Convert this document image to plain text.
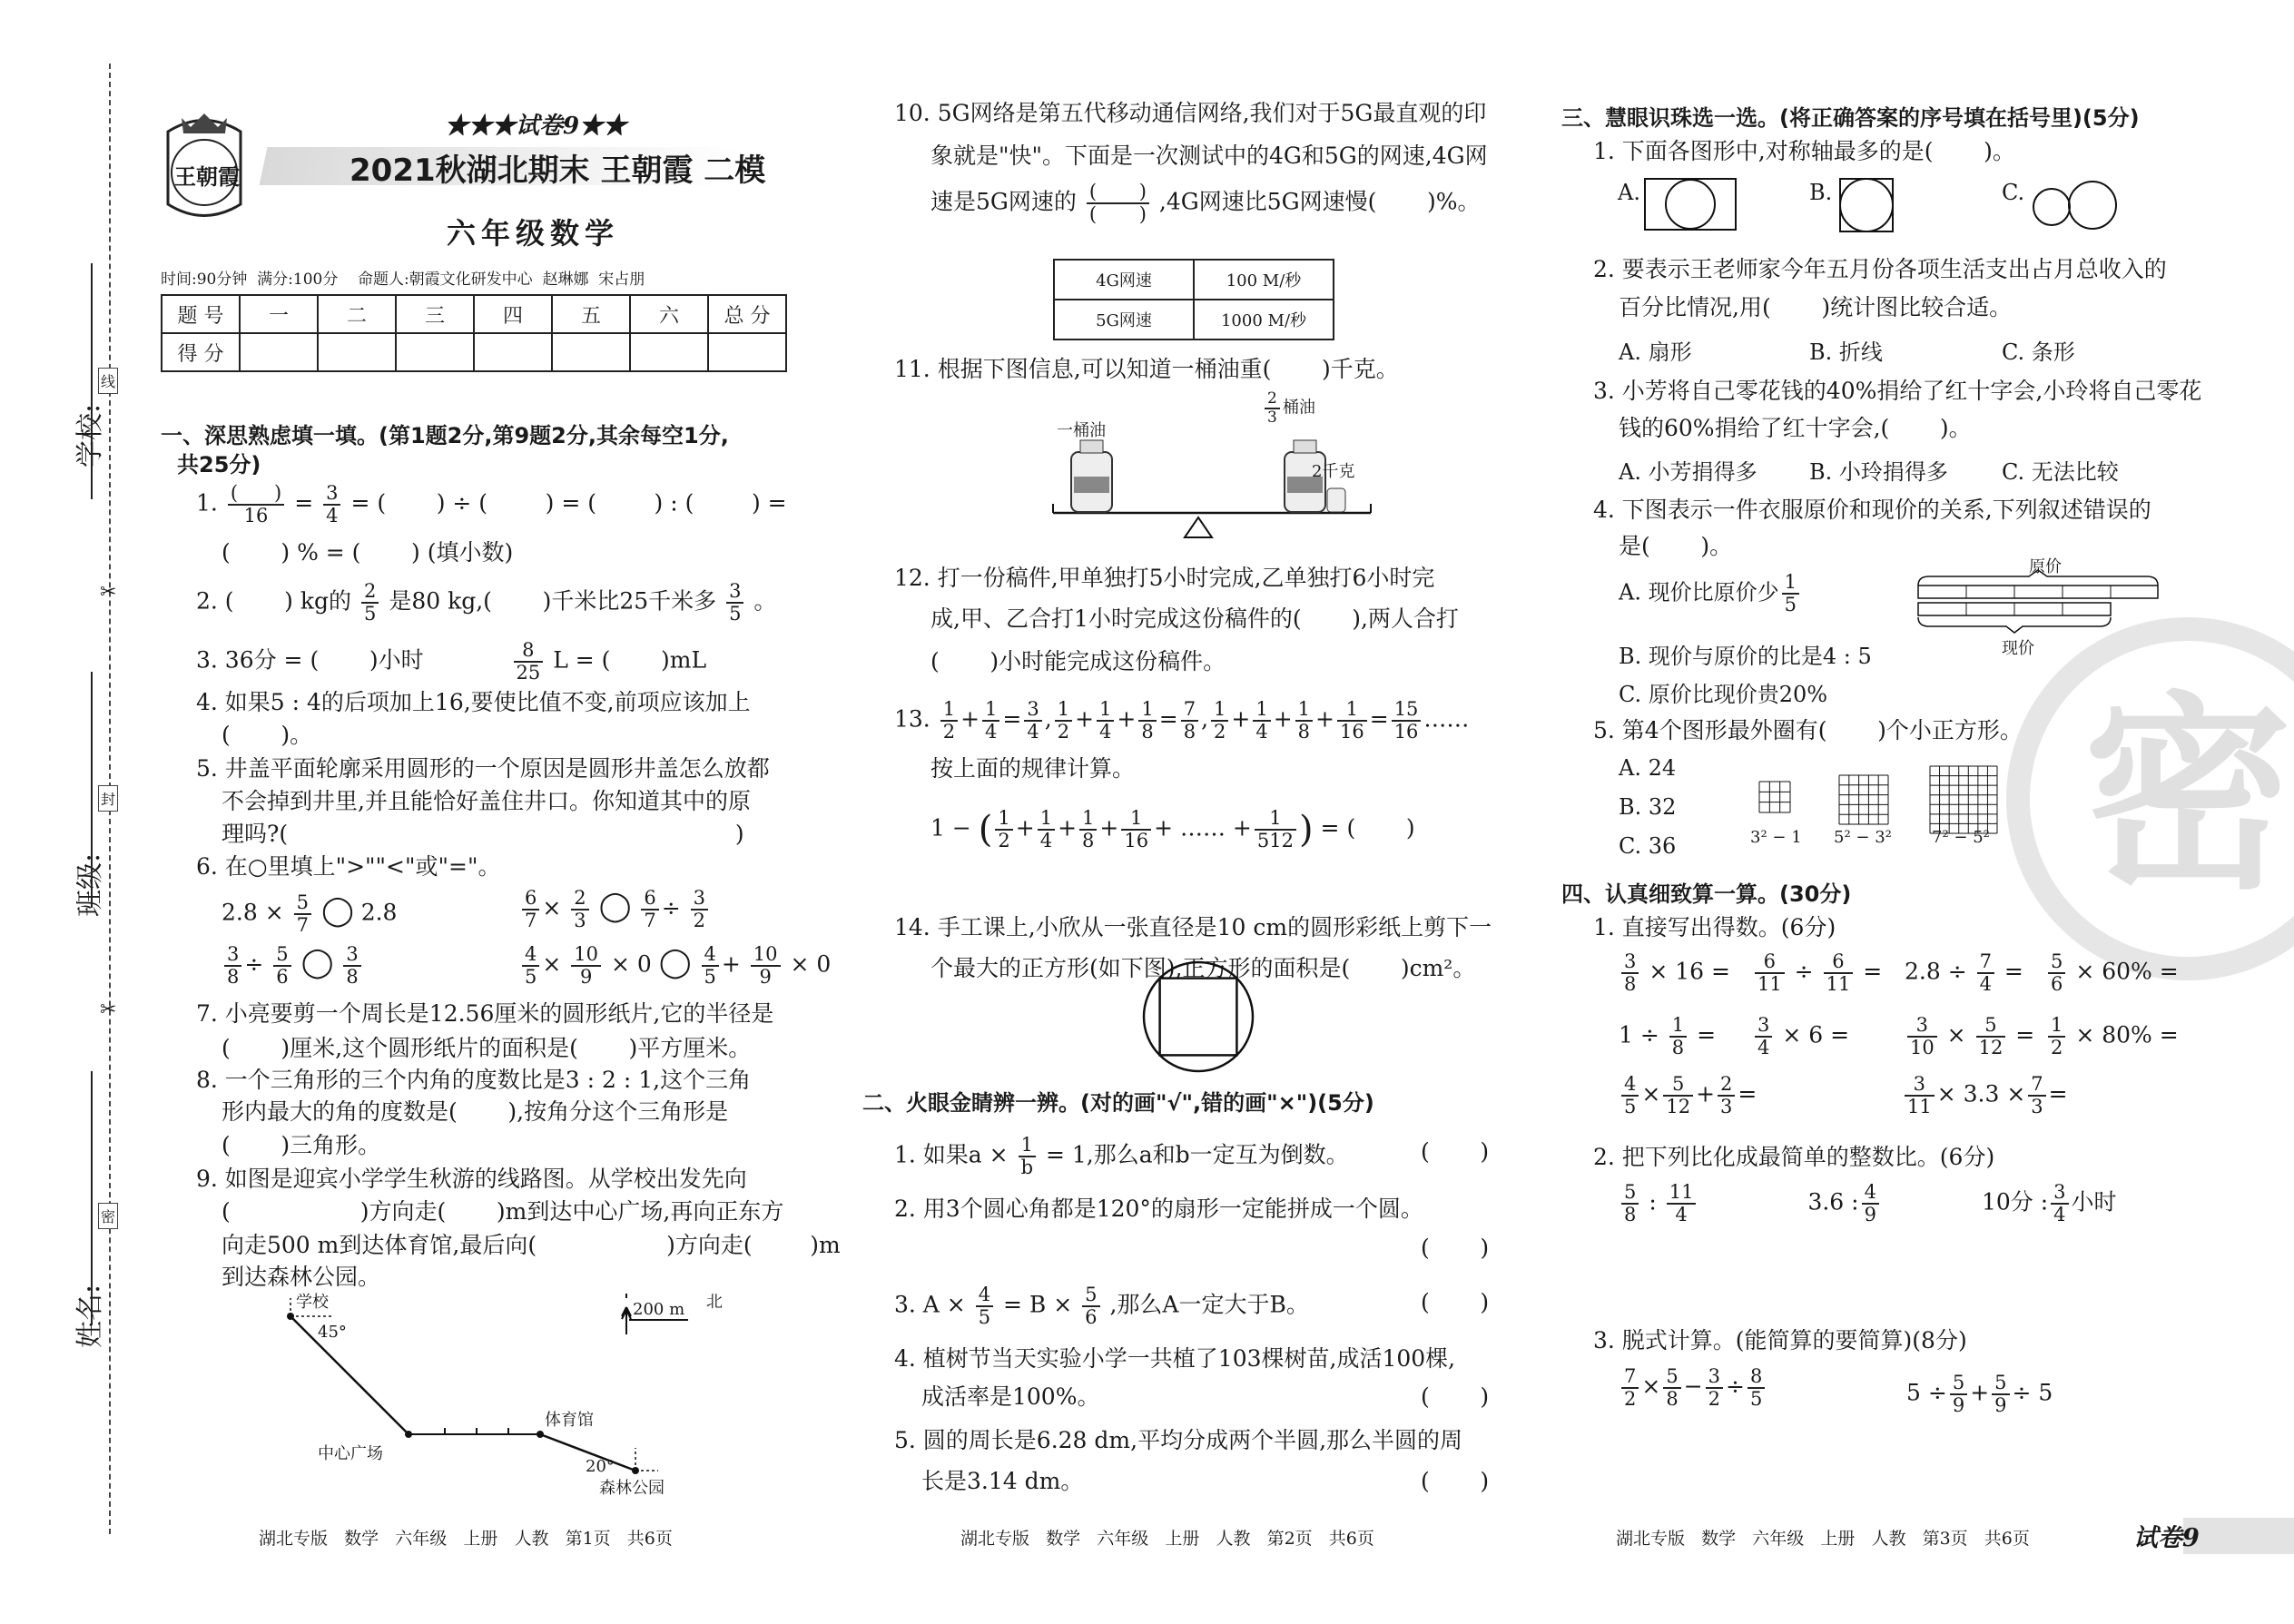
学校:
班级:
姓名:
线
封
密
✂
✂
王朝霞
★★★试卷9★★
2021秋湖北期末 王朝霞 二模
六年级数学
时间:90分钟  满分:100分    命题人:朝霞文化研发中心  赵琳娜  宋占朋
题 号	一	二	三	四	五	六	总 分
得 分							
一、深思熟虑填一填。(第1题2分,第9题2分,其余每空1分,
共25分)
1. $\frac{( )}{16} = \frac{3}{4}$ = (       ) ÷ (        ) = (        ) : (        ) =
(       ) % = (       ) (填小数)
2. (       ) kg的 $\frac{2}{5}$ 是80 kg,(       )千米比25千米多 $\frac{3}{5}$ 。
3. 36分 = (       )小时	$\frac{8}{25}$ L = (       )mL
4. 如果5 : 4的后项加上16,要使比值不变,前项应该加上
(       )。
5. 井盖平面轮廓采用圆形的一个原因是圆形井盖怎么放都
不会掉到井里,并且能恰好盖住井口。你知道其中的原
理吗?(                                                              )
6. 在○里填上">""<"或"="。
$2.8 \times \frac{5}{7}$ ◯ 2.8	$\frac{6}{7} \times \frac{2}{3}$ ◯ $\frac{6}{7} \div \frac{3}{2}$
$\frac{3}{8} \div \frac{5}{6}$ ◯ $\frac{3}{8}$	$\frac{4}{5} \times \frac{10}{9} \times 0$ ◯ $\frac{4}{5} + \frac{10}{9} \times 0$
7. 小亮要剪一个周长是12.56厘米的圆形纸片,它的半径是
(       )厘米,这个圆形纸片的面积是(       )平方厘米。
8. 一个三角形的三个内角的度数比是3 : 2 : 1,这个三角
形内最大的角的度数是(       ),按角分这个三角形是
(       )三角形。
9. 如图是迎宾小学学生秋游的线路图。从学校出发先向
(                  )方向走(       )m到达中心广场,再向正东方
向走500 m到达体育馆,最后向(                  )方向走(        )m
到达森林公园。
学校
45°
中心广场
体育馆
20°
森林公园
200 m 北
湖北专版   数学   六年级   上册   人教   第1页   共6页
10. 5G网络是第五代移动通信网络,我们对于5G最直观的印
象就是"快"。下面是一次测试中的4G和5G的网速,4G网
速是5G网速的 $\frac{( )}{( )} ,4G$网速比5G网速慢(       )%。
4G网速	100 M/秒
5G网速	1000 M/秒
11. 根据下图信息,可以知道一桶油重(       )千克。
一桶油
$\frac{2}{3}$ 桶油
2千克
12. 打一份稿件,甲单独打5小时完成,乙单独打6小时完
成,甲、乙合打1小时完成这份稿件的(       ),两人合打
(       )小时能完成这份稿件。
13. $\frac{1}{2} + \frac{1}{4} = \frac{3}{4}$ , $\frac{1}{2} + \frac{1}{4} + \frac{1}{8} = \frac{7}{8}$ , $\frac{1}{2} + \frac{1}{4} + \frac{1}{8} + \frac{1}{16} = \frac{15}{16}$ ……
按上面的规律计算。
1 − ( $\frac{1}{2} + \frac{1}{4} + \frac{1}{8} + \frac{1}{16}$ + …… + $\frac{1}{512}$ ) = (       )
14. 手工课上,小欣从一张直径是10 cm的圆形彩纸上剪下一
个最大的正方形(如下图),正方形的面积是(       )cm²。
二、火眼金睛辨一辨。(对的画"√",错的画"×")(5分)
1. 如果$a \times \frac{1}{b} = 1$,那么a和b一定互为倒数。	(       )
2. 用3个圆心角都是120°的扇形一定能拼成一个圆。
(       )
3. $A \times \frac{4}{5} = B \times \frac{5}{6}$ ,那么A一定大于B。	(       )
4. 植树节当天实验小学一共植了103棵树苗,成活100棵,
成活率是100%。	(       )
5. 圆的周长是6.28 dm,平均分成两个半圆,那么半圆的周
长是3.14 dm。	(       )
湖北专版   数学   六年级   上册   人教   第2页   共6页
密
三、慧眼识珠选一选。(将正确答案的序号填在括号里)(5分)
1. 下面各图形中,对称轴最多的是(       )。
A.	B.	C.
2. 要表示王老师家今年五月份各项生活支出占月总收入的
百分比情况,用(       )统计图比较合适。
A. 扇形	B. 折线	C. 条形
3. 小芳将自己零花钱的40%捐给了红十字会,小玲将自己零花
钱的60%捐给了红十字会,(       )。
A. 小芳捐得多 B. 小玲捐得多 C. 无法比较
4. 下图表示一件衣服原价和现价的关系,下列叙述错误的
是(       )。
A. 现价比原价少 $\frac{1}{5}$
B. 现价与原价的比是4 : 5
C. 原价比现价贵20%
原价
现价
5. 第4个图形最外圈有(       )个小正方形。
A. 24
B. 32
C. 36	3² − 1 5² − 3² 7² − 5²
四、认真细致算一算。(30分)
1. 直接写出得数。(6分)
$\frac{3}{8} \times 16 = \frac{6}{11} \div \frac{6}{11} = 2.8 \div \frac{7}{4} = \frac{5}{6} \times 60\%$ =
$1 \div \frac{1}{8} = \frac{3}{4} \times 6$ =	$\frac{3}{10} \times \frac{5}{12} = \frac{1}{2} \times 80\%$ =
$\frac{4}{5} \times \frac{5}{12} + \frac{2}{3}$ =	$\frac{3}{11} \times 3.3 \times \frac{7}{3}$ =
2. 把下列比化成最简单的整数比。(6分)
$\frac{5}{8}$ : $\frac{11}{4}$	3.6 : $\frac{4}{9}$	10分 : $\frac{3}{4}$ 小时
3. 脱式计算。(能简算的要简算)(8分)
$\frac{7}{2} \times \frac{5}{8} - \frac{3}{2} \div \frac{8}{5}$	$5 \div \frac{5}{9} + \frac{5}{9} \div 5$
湖北专版   数学   六年级   上册   人教   第3页   共6页	试卷9
